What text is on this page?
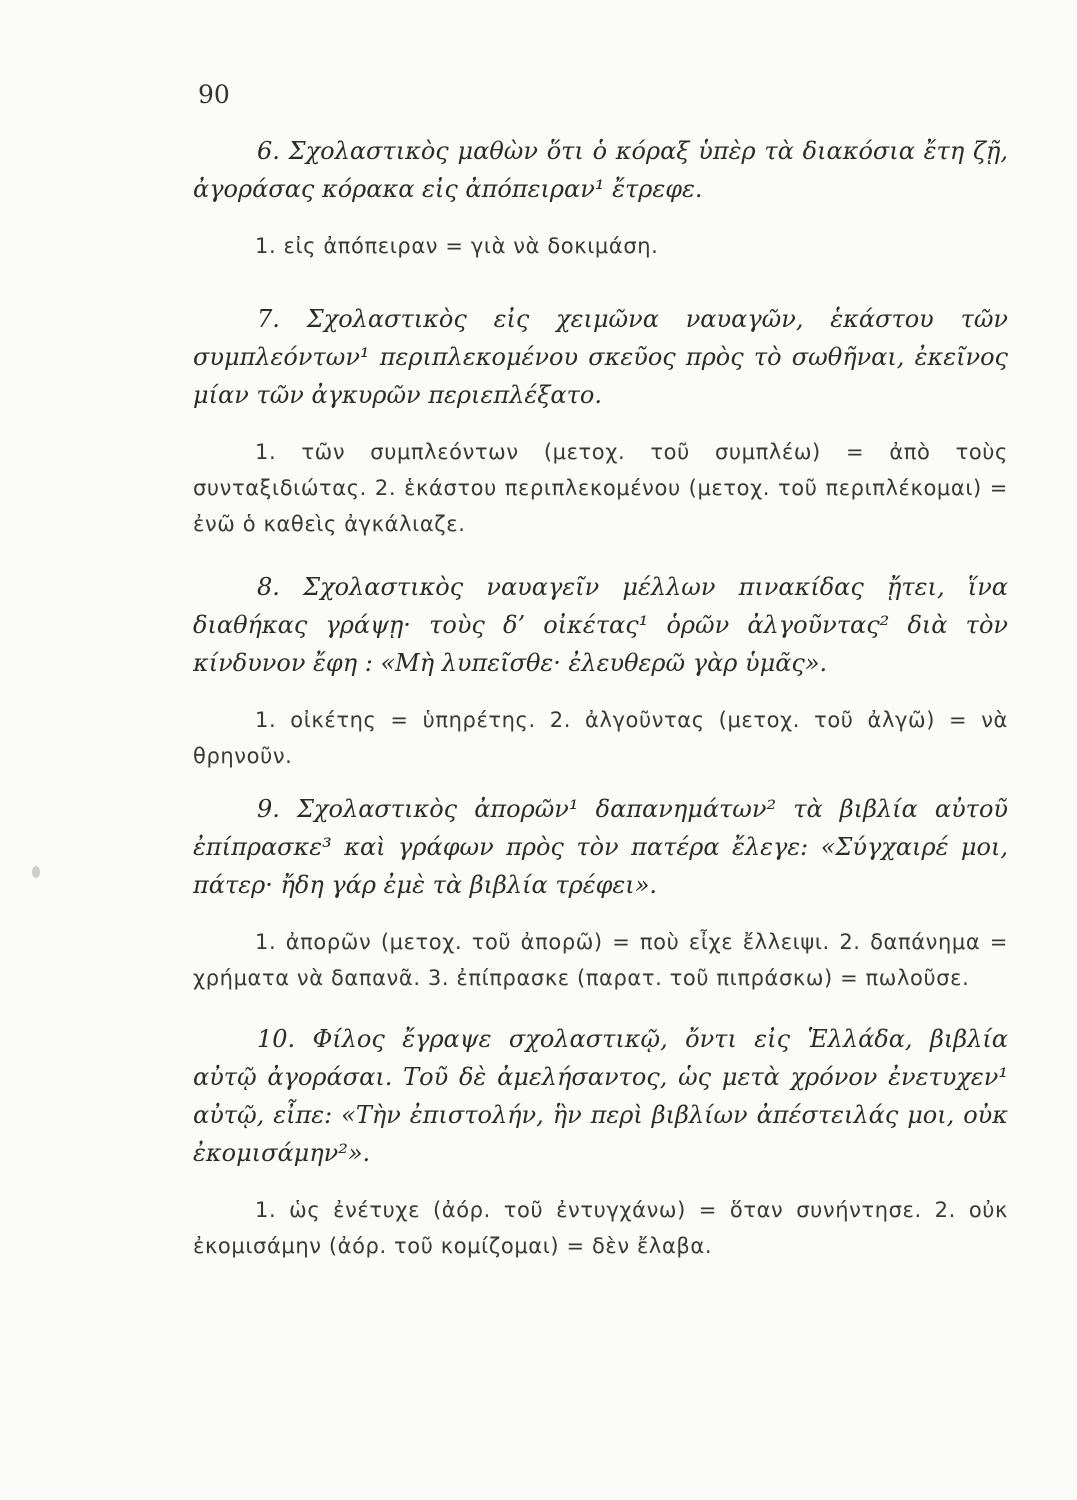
90

6. Σχολαστικὸς μαθὼν ὅτι ὁ κόραξ ὑπὲρ τὰ διακόσια ἔτη ζῇ, ἀγοράσας κόρακα εἰς ἀπόπειραν¹ ἔτρεφε.

1. εἰς ἀπόπειραν = γιὰ νὰ δοκιμάση.

7. Σχολαστικὸς εἰς χειμῶνα ναυαγῶν, ἑκάστου τῶν συμπλεόντων¹ περιπλεκομένου σκεῦος πρὸς τὸ σωθῆναι, ἐκεῖνος μίαν τῶν ἀγκυρῶν περιεπλέξατο.

1. τῶν συμπλεόντων (μετοχ. τοῦ συμπλέω) = ἀπὸ τοὺς συνταξιδιώτας. 2. ἑκάστου περιπλεκομένου (μετοχ. τοῦ περιπλέκομαι) = ἐνῶ ὁ καθεὶς ἀγκάλιαζε.

8. Σχολαστικὸς ναυαγεῖν μέλλων πινακίδας ᾔτει, ἵνα διαθήκας γράψῃ· τοὺς δ’ οἰκέτας¹ ὁρῶν ἀλγοῦντας² διὰ τὸν κίνδυνον ἔφη : «Μὴ λυπεῖσθε· ἐλευθερῶ γὰρ ὑμᾶς».

1. οἰκέτης = ὑπηρέτης. 2. ἀλγοῦντας (μετοχ. τοῦ ἀλγῶ) = νὰ θρηνοῦν.

9. Σχολαστικὸς ἀπορῶν¹ δαπανημάτων² τὰ βιβλία αὐτοῦ ἐπίπρασκε³ καὶ γράφων πρὸς τὸν πατέρα ἔλεγε: «Σύγχαιρέ μοι, πάτερ· ἤδη γάρ ἐμὲ τὰ βιβλία τρέφει».

1. ἀπορῶν (μετοχ. τοῦ ἀπορῶ) = ποὺ εἶχε ἔλλειψι. 2. δαπάνημα = χρήματα νὰ δαπανᾶ. 3. ἐπίπρασκε (παρατ. τοῦ πιπράσκω) = πωλοῦσε.

10. Φίλος ἔγραψε σχολαστικῷ, ὄντι εἰς Ἑλλάδα, βιβλία αὐτῷ ἀγοράσαι. Τοῦ δὲ ἀμελήσαντος, ὡς μετὰ χρόνον ἐνετυχεν¹ αὐτῷ, εἶπε: «Τὴν ἐπιστολήν, ἣν περὶ βιβλίων ἀπέστειλάς μοι, οὐκ ἐκομισάμην²».

1. ὡς ἐνέτυχε (ἀόρ. τοῦ ἐντυγχάνω) = ὅταν συνήντησε. 2. οὐκ ἐκομισάμην (ἀόρ. τοῦ κομίζομαι) = δὲν ἔλαβα.
